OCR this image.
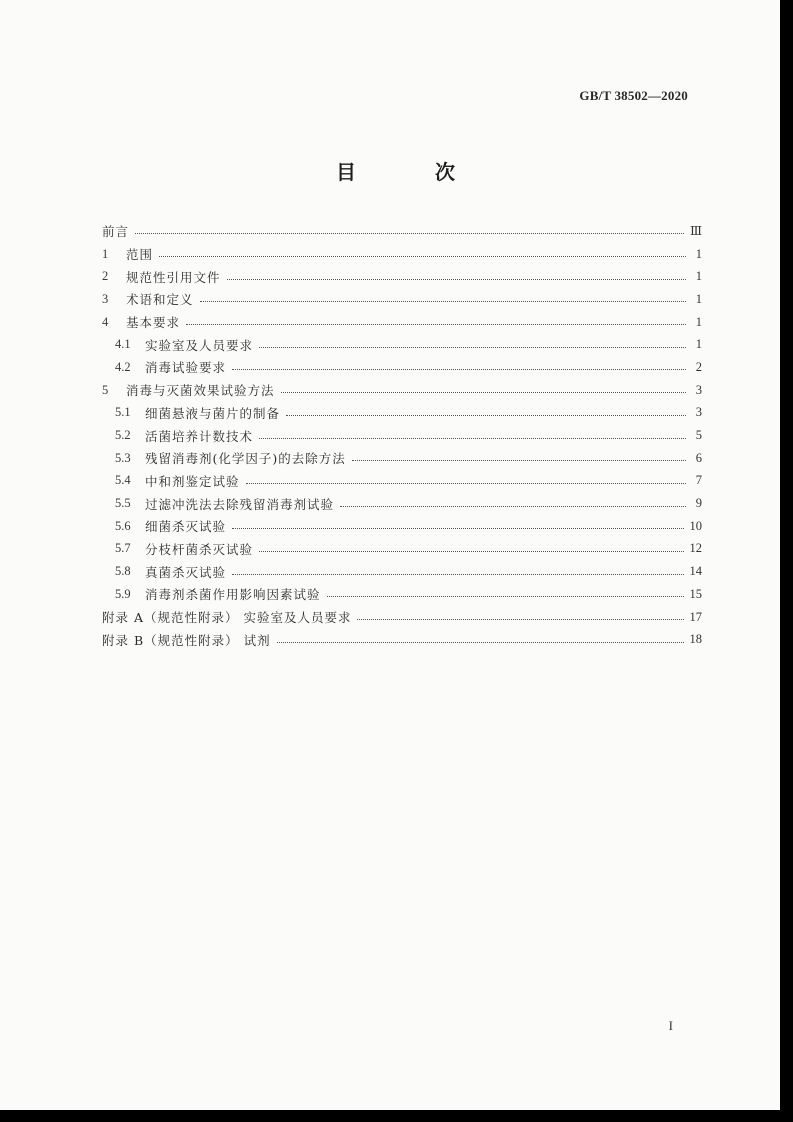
GB/T 38502—2020
目 次
前言	Ⅲ
1	范围	1
2	规范性引用文件	1
3	术语和定义	1
4	基本要求	1
4.1	实验室及人员要求	1
4.2	消毒试验要求	2
5	消毒与灭菌效果试验方法	3
5.1	细菌悬液与菌片的制备	3
5.2	活菌培养计数技术	5
5.3	残留消毒剂(化学因子)的去除方法	6
5.4	中和剂鉴定试验	7
5.5	过滤冲洗法去除残留消毒剂试验	9
5.6	细菌杀灭试验	10
5.7	分枝杆菌杀灭试验	12
5.8	真菌杀灭试验	14
5.9	消毒剂杀菌作用影响因素试验	15
附录 A（规范性附录） 实验室及人员要求	17
附录 B（规范性附录） 试剂	18
I
